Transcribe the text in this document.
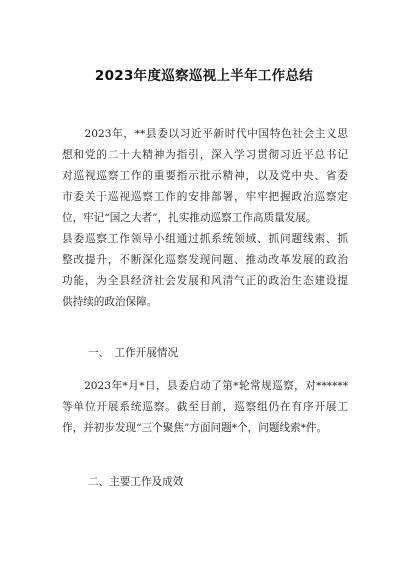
2023年度巡察巡视上半年工作总结
　　2023年，**县委以习近平新时代中国特色社会主义思
想和党的二十大精神为指引，深入学习贯彻习近平总书记
对巡视巡察工作的重要指示批示精神，以及党中央、省委
市委关于巡视巡察工作的安排部署，牢牢把握政治巡察定
位，牢记“国之大者”，扎实推动巡察工作高质量发展。
县委巡察工作领导小组通过抓系统领域、抓问题线索、抓
整改提升，不断深化巡察发现问题、推动改革发展的政治
功能，为全县经济社会发展和风清气正的政治生态建设提
供持续的政治保障。
一、　工作开展情况
　　2023年*月*日，县委启动了第*轮常规巡察，对******
等单位开展系统巡察。截至目前，巡察组仍在有序开展工
作，并初步发现“三个聚焦”方面问题*个，问题线索*件。
二、主要工作及成效
